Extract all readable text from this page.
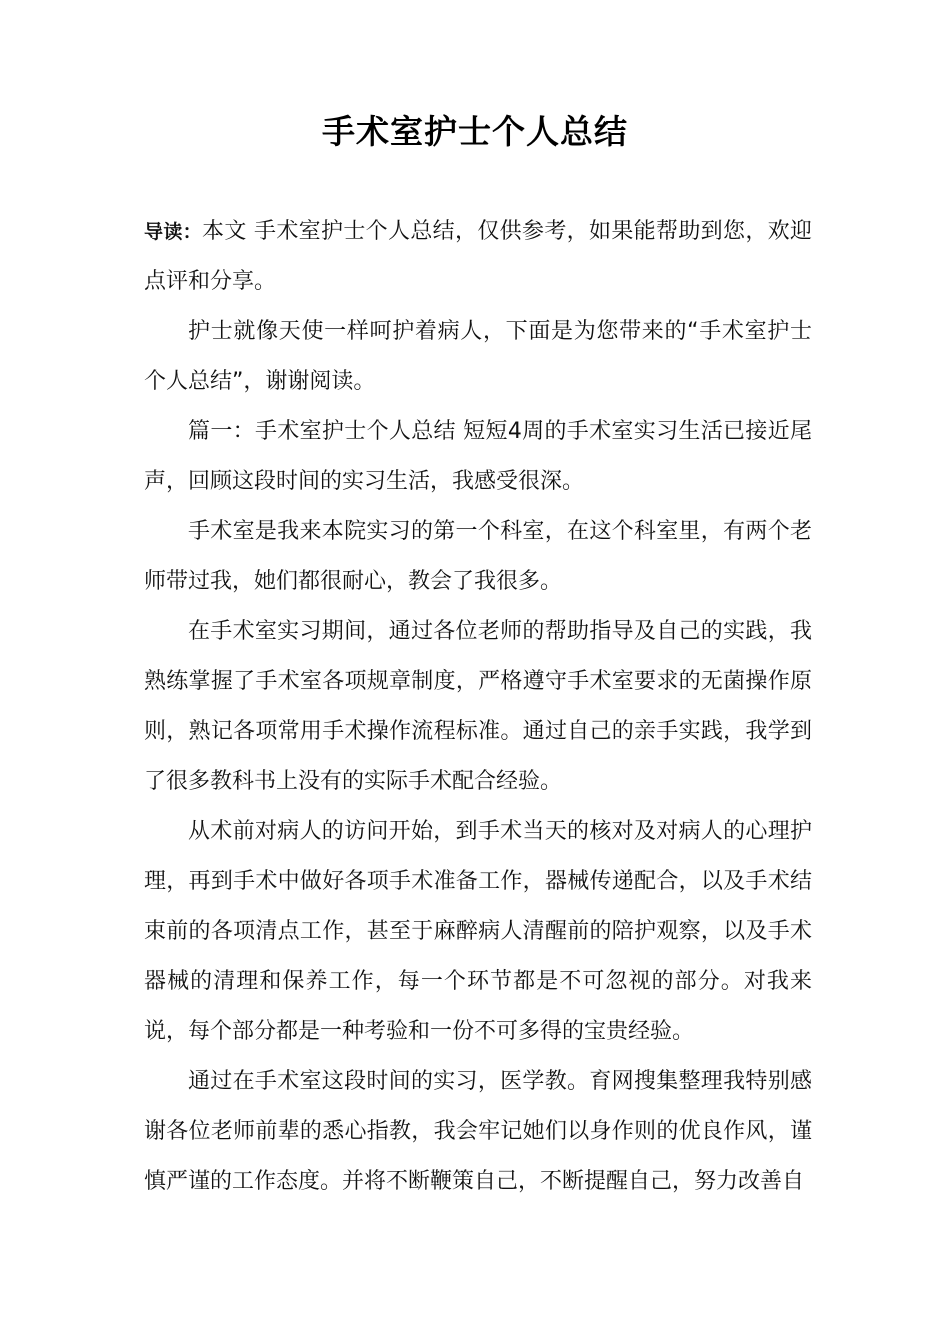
手术室护士个人总结

导读：本文 手术室护士个人总结，仅供参考，如果能帮助到您，欢迎点评和分享。

护士就像天使一样呵护着病人，下面是为您带来的“手术室护士个人总结”，谢谢阅读。

篇一：手术室护士个人总结 短短4周的手术室实习生活已接近尾声，回顾这段时间的实习生活，我感受很深。

手术室是我来本院实习的第一个科室，在这个科室里，有两个老师带过我，她们都很耐心，教会了我很多。

在手术室实习期间，通过各位老师的帮助指导及自己的实践，我熟练掌握了手术室各项规章制度，严格遵守手术室要求的无菌操作原则，熟记各项常用手术操作流程标准。通过自己的亲手实践，我学到了很多教科书上没有的实际手术配合经验。

从术前对病人的访问开始，到手术当天的核对及对病人的心理护理，再到手术中做好各项手术准备工作，器械传递配合，以及手术结束前的各项清点工作，甚至于麻醉病人清醒前的陪护观察，以及手术器械的清理和保养工作，每一个环节都是不可忽视的部分。对我来说，每个部分都是一种考验和一份不可多得的宝贵经验。

通过在手术室这段时间的实习，医学教。育网搜集整理我特别感谢各位老师前辈的悉心指教，我会牢记她们以身作则的优良作风，谨慎严谨的工作态度。并将不断鞭策自己，不断提醒自己，努力改善自
